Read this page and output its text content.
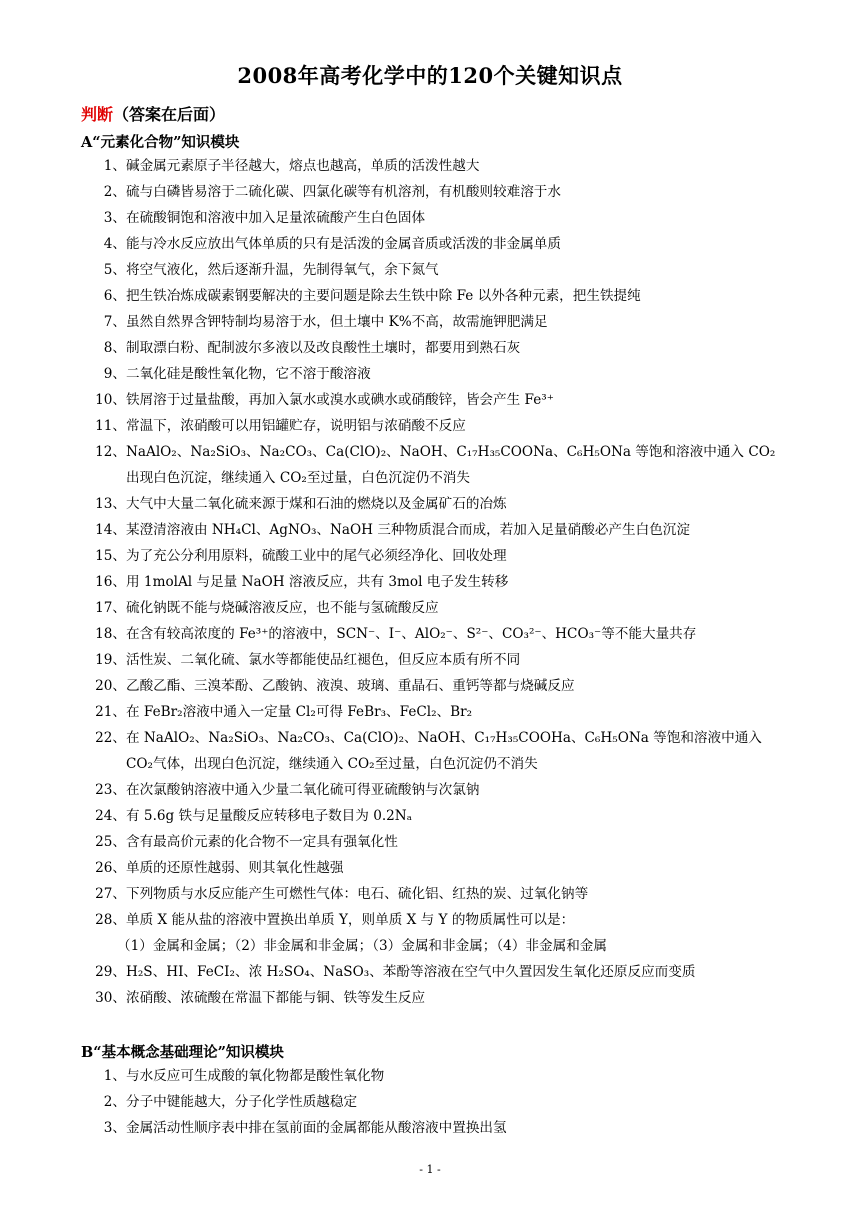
2008年高考化学中的120个关键知识点
判断（答案在后面）
A“元素化合物”知识模块
1、 碱金属元素原子半径越大，熔点也越高，单质的活泼性越大
2、 硫与白磷皆易溶于二硫化碳、四氯化碳等有机溶剂，有机酸则较难溶于水
3、 在硫酸铜饱和溶液中加入足量浓硫酸产生白色固体
4、 能与冷水反应放出气体单质的只有是活泼的金属音质或活泼的非金属单质
5、 将空气液化，然后逐渐升温，先制得氧气，余下氮气
6、 把生铁冶炼成碳素钢要解决的主要问题是除去生铁中除 Fe 以外各种元素，把生铁提纯
7、 虽然自然界含钾特制均易溶于水，但土壤中 K%不高，故需施钾肥满足
8、 制取漂白粉、配制波尔多液以及改良酸性土壤时，都要用到熟石灰
9、 二氧化硅是酸性氧化物，它不溶于酸溶液
10、 铁屑溶于过量盐酸，再加入氯水或溴水或碘水或硝酸锌，皆会产生 Fe³⁺
11、 常温下，浓硝酸可以用铝罐贮存，说明铝与浓硝酸不反应
12、 NaAlO₂、Na₂SiO₃、Na₂CO₃、Ca(ClO)₂、NaOH、C₁₇H₃₅COONa、C₆H₅ONa 等饱和溶液中通入 CO₂出现白色沉淀，继续通入 CO₂至过量，白色沉淀仍不消失
13、 大气中大量二氧化硫来源于煤和石油的燃烧以及金属矿石的冶炼
14、 某澄清溶液由 NH₄Cl、AgNO₃、NaOH 三种物质混合而成，若加入足量硝酸必产生白色沉淀
15、 为了充公分利用原料，硫酸工业中的尾气必须经净化、回收处理
16、 用 1molAl 与足量 NaOH 溶液反应，共有 3mol 电子发生转移
17、 硫化钠既不能与烧碱溶液反应，也不能与氢硫酸反应
18、 在含有较高浓度的 Fe³⁺的溶液中，SCN⁻、I⁻、AlO₂⁻、S²⁻、CO₃²⁻、HCO₃⁻等不能大量共存
19、 活性炭、二氧化硫、氯水等都能使品红褪色，但反应本质有所不同
20、 乙酸乙酯、三溴苯酚、乙酸钠、液溴、玻璃、重晶石、重钙等都与烧碱反应
21、 在 FeBr₂溶液中通入一定量 Cl₂可得 FeBr₃、FeCl₂、Br₂
22、 在 NaAlO₂、Na₂SiO₃、Na₂CO₃、Ca(ClO)₂、NaOH、C₁₇H₃₅COOHa、C₆H₅ONa 等饱和溶液中通入 CO₂气体，出现白色沉淀，继续通入 CO₂至过量，白色沉淀仍不消失
23、 在次氯酸钠溶液中通入少量二氧化硫可得亚硫酸钠与次氯钠
24、 有 5.6g 铁与足量酸反应转移电子数目为 0.2Nₐ
25、 含有最高价元素的化合物不一定具有强氧化性
26、 单质的还原性越弱、则其氧化性越强
27、 下列物质与水反应能产生可燃性气体：电石、硫化铝、红热的炭、过氧化钠等
28、 单质 X 能从盐的溶液中置换出单质 Y，则单质 X 与 Y 的物质属性可以是：
（1）金属和金属；（2）非金属和非金属；（3）金属和非金属；（4）非金属和金属
29、 H₂S、HI、FeCI₂、浓 H₂SO₄、NaSO₃、苯酚等溶液在空气中久置因发生氧化还原反应而变质
30、 浓硝酸、浓硫酸在常温下都能与铜、铁等发生反应
B“基本概念基础理论”知识模块
1、 与水反应可生成酸的氧化物都是酸性氧化物
2、 分子中键能越大，分子化学性质越稳定
3、 金属活动性顺序表中排在氢前面的金属都能从酸溶液中置换出氢
- 1 -
